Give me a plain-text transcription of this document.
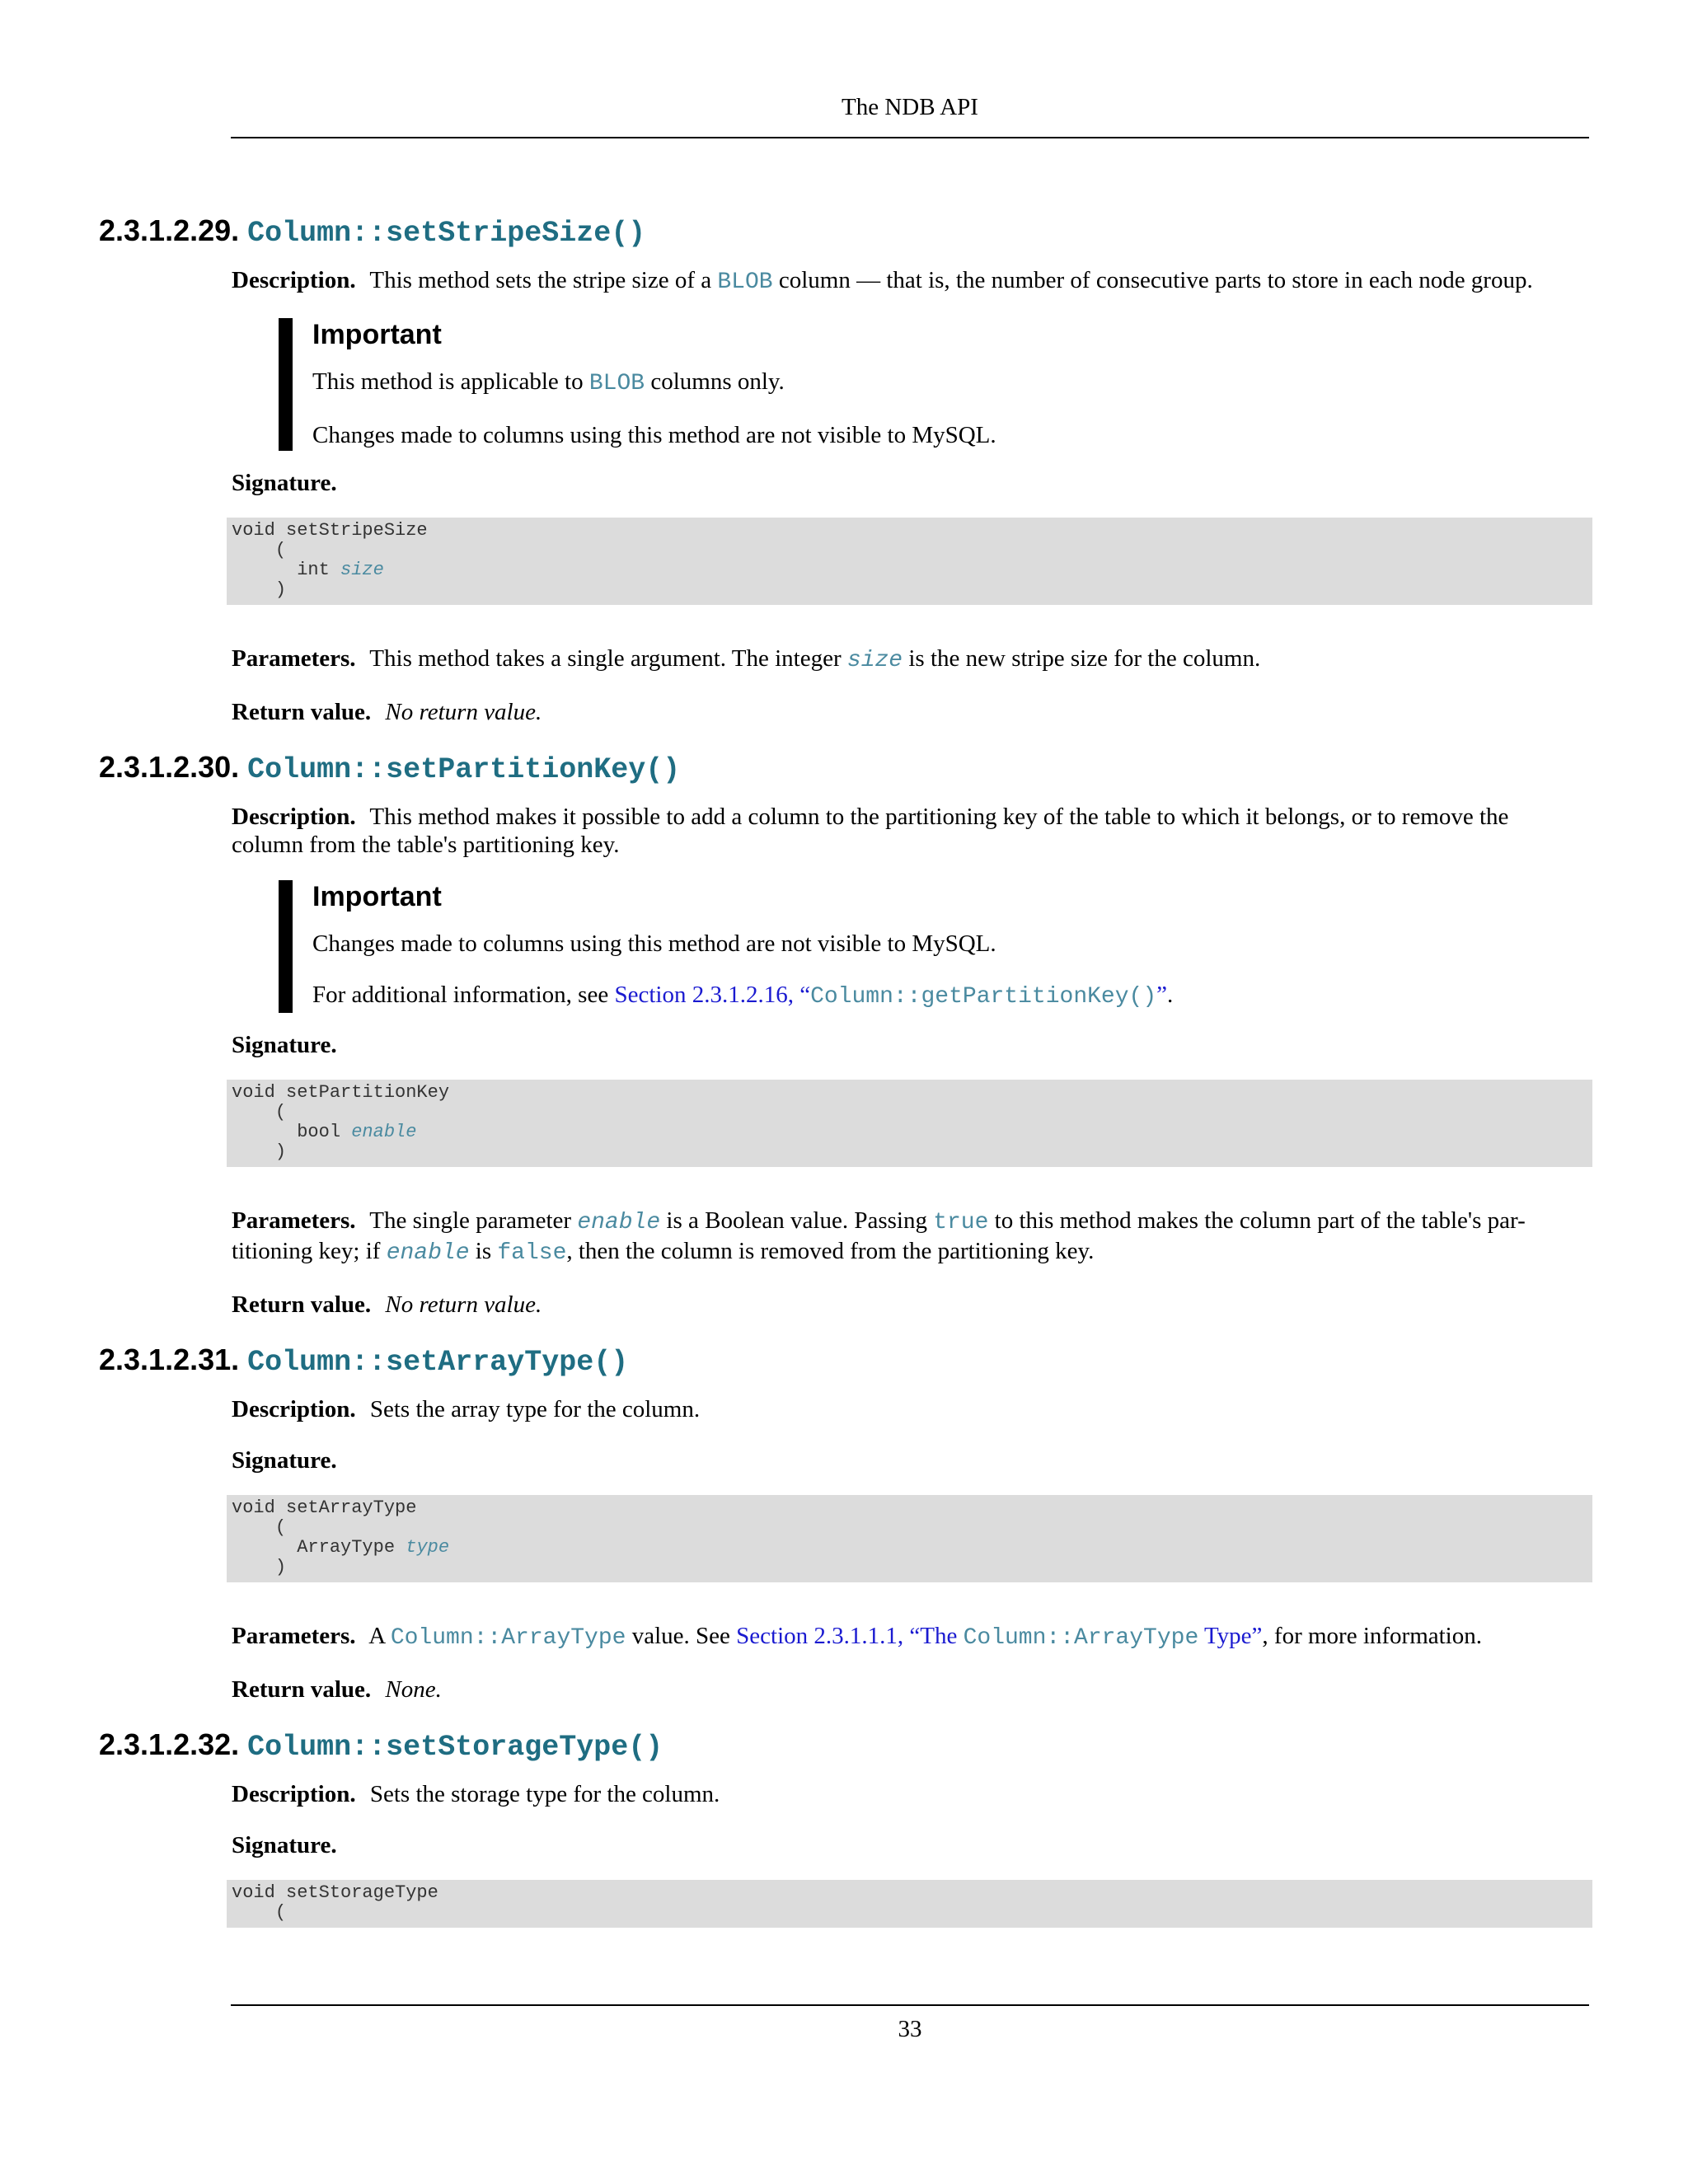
The NDB API
2.3.1.2.29. Column::setStripeSize()

Description. This method sets the stripe size of a BLOB column — that is, the number of consecutive parts to store in each node group.

Important

This method is applicable to BLOB columns only.

Changes made to columns using this method are not visible to MySQL.

Signature.

void setStripeSize
(
int size
)

Parameters. This method takes a single argument. The integer size is the new stripe size for the column.

Return value. No return value.

2.3.1.2.30. Column::setPartitionKey()

Description. This method makes it possible to add a column to the partitioning key of the table to which it belongs, or to remove the
column from the table's partitioning key.

Important

Changes made to columns using this method are not visible to MySQL.

For additional information, see Section 2.3.1.2.16, “Column::getPartitionKey()”.

Signature.

void setPartitionKey
(
bool enable
)

Parameters. The single parameter enable is a Boolean value. Passing true to this method makes the column part of the table's par-
titioning key; if enable is false, then the column is removed from the partitioning key.

Return value. No return value.

2.3.1.2.31. Column::setArrayType()

Description. Sets the array type for the column.

Signature.

void setArrayType
(
ArrayType type
)

Parameters. A Column::ArrayType value. See Section 2.3.1.1.1, “The Column::ArrayType Type”, for more information.

Return value. None.

2.3.1.2.32. Column::setStorageType()

Description. Sets the storage type for the column.

Signature.

void setStorageType
(
33
